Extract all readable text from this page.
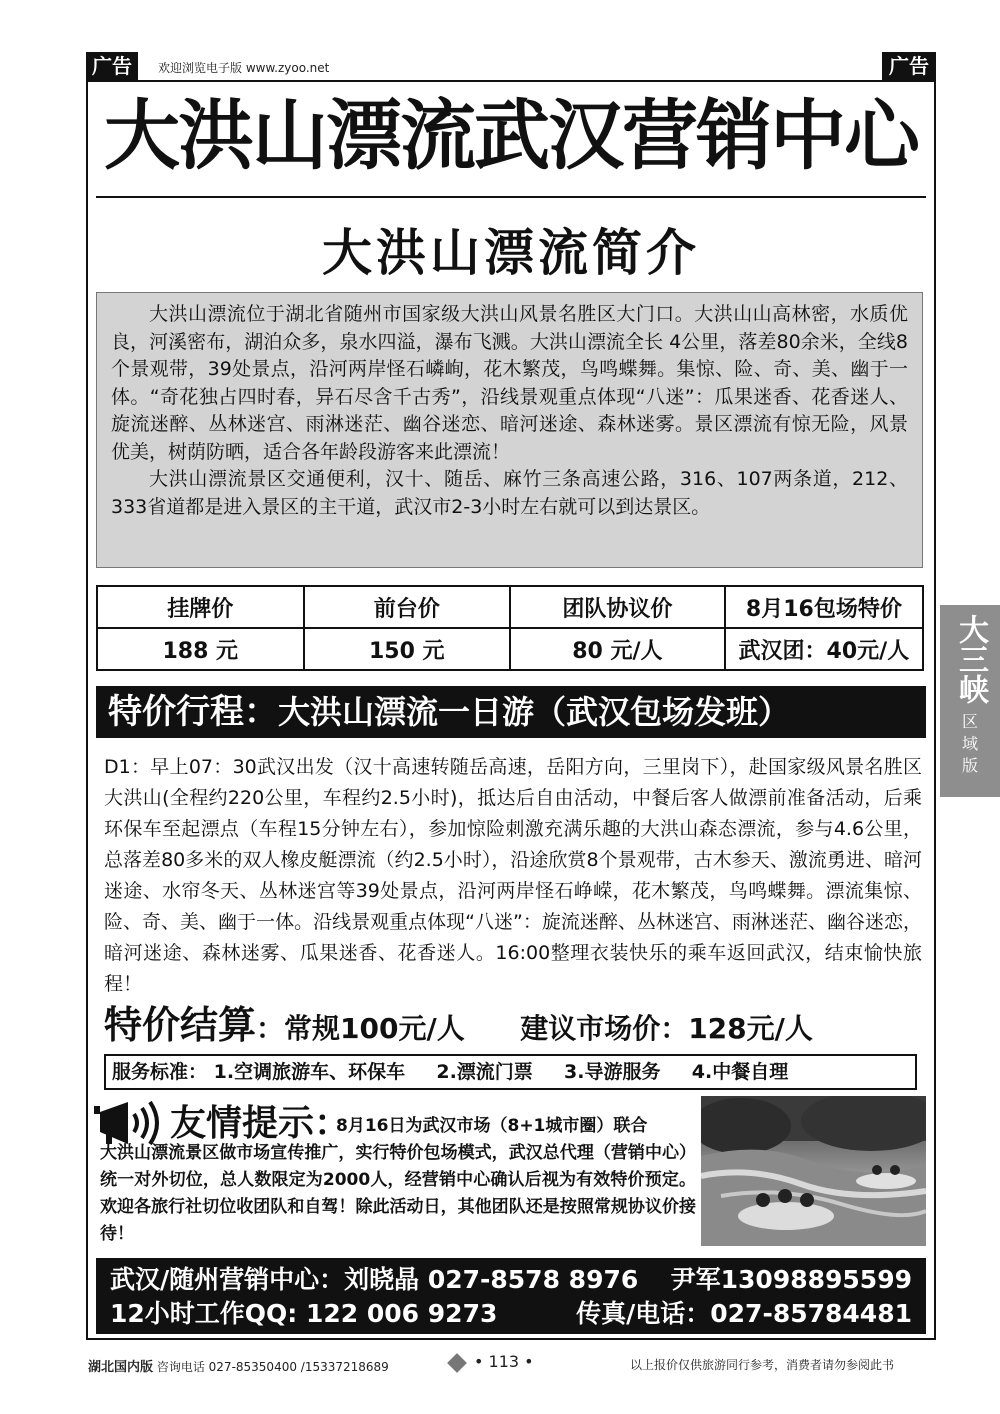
广告	欢迎浏览电子版 www.zyoo.net	广告
大洪山漂流武汉营销中心
大洪山漂流简介

大洪山漂流位于湖北省随州市国家级大洪山风景名胜区大门口。大洪山山高林密，水质优良，河溪密布，湖泊众多，泉水四溢，瀑布飞溅。大洪山漂流全长 4公里，落差80余米，全线8个景观带，39处景点，沿河两岸怪石嶙峋，花木繁茂，鸟鸣蝶舞。集惊、险、奇、美、幽于一体。“奇花独占四时春，异石尽含千古秀”，沿线景观重点体现“八迷”：瓜果迷香、花香迷人、旋流迷醉、丛林迷宫、雨淋迷茫、幽谷迷恋、暗河迷途、森林迷雾。景区漂流有惊无险，风景优美，树荫防晒，适合各年龄段游客来此漂流！

大洪山漂流景区交通便利，汉十、随岳、麻竹三条高速公路，316、107两条道，212、333省道都是进入景区的主干道，武汉市2-3小时左右就可以到达景区。

挂牌价	前台价	团队协议价	8月16包场特价
188 元	150 元	80 元/人	武汉团：40元/人 大三峡
区
域
版
特价行程：大洪山漂流一日游（武汉包场发班）
D1：早上07：30武汉出发（汉十高速转随岳高速，岳阳方向，三里岗下），赴国家级风景名胜区大洪山(全程约220公里，车程约2.5小时)，抵达后自由活动，中餐后客人做漂前准备活动，后乘环保车至起漂点（车程15分钟左右），参加惊险刺激充满乐趣的大洪山森态漂流，参与4.6公里，总落差80多米的双人橡皮艇漂流（约2.5小时），沿途欣赏8个景观带，古木参天、激流勇进、暗河迷途、水帘冬天、丛林迷宫等39处景点，沿河两岸怪石峥嵘，花木繁茂，鸟鸣蝶舞。漂流集惊、险、奇、美、幽于一体。沿线景观重点体现“八迷”：旋流迷醉、丛林迷宫、雨淋迷茫、幽谷迷恋，暗河迷途、森林迷雾、瓜果迷香、花香迷人。16:00整理衣装快乐的乘车返回武汉，结束愉快旅程！
特价结算：常规100元/人 建议市场价：128元/人
服务标准： 1.空调旅游车、环保车 2.漂流门票 3.导游服务 4.中餐自理
友情提示：
8月16日为武汉市场（8+1城市圈）联合
大洪山漂流景区做市场宣传推广，实行特价包场模式，武汉总代理（营销中心）统一对外切位，总人数限定为2000人，经营销中心确认后视为有效特价预定。欢迎各旅行社切位收团队和自驾！除此活动日，其他团队还是按照常规协议价接待！
武汉/随州营销中心：刘晓晶 027-8578 8976 尹军13098895599
12小时工作QQ: 122 006 9273	传真/电话：027-85784481
湖北国内版 咨询电话 027-85350400 /15337218689	• 113 •	以上报价仅供旅游同行参考，消费者请勿参阅此书
